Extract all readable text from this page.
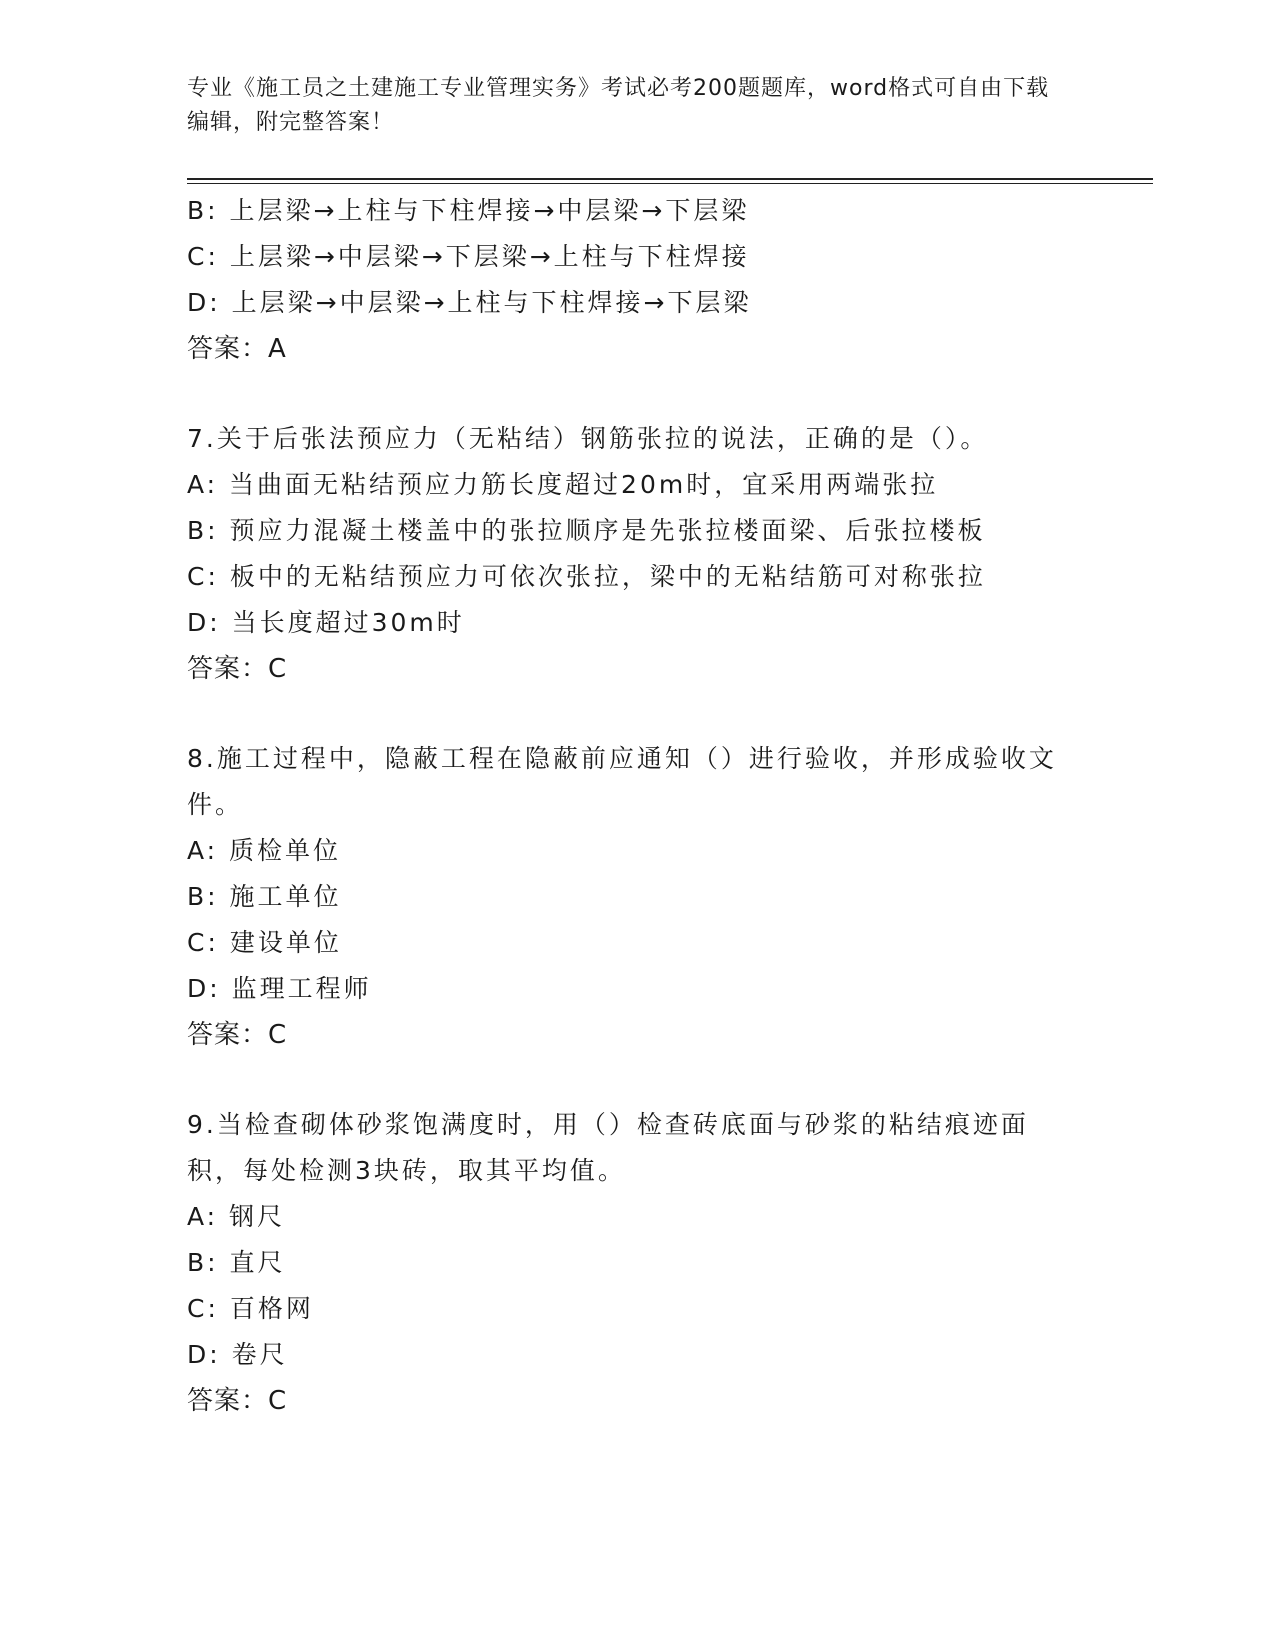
专业《施工员之土建施工专业管理实务》考试必考200题题库，word格式可自由下载编辑，附完整答案！
B: 上层梁→上柱与下柱焊接→中层梁→下层梁
C: 上层梁→中层梁→下层梁→上柱与下柱焊接
D: 上层梁→中层梁→上柱与下柱焊接→下层梁
答案：A
7.关于后张法预应力（无粘结）钢筋张拉的说法，正确的是（）。
A: 当曲面无粘结预应力筋长度超过20m时，宜采用两端张拉
B: 预应力混凝土楼盖中的张拉顺序是先张拉楼面梁、后张拉楼板
C: 板中的无粘结预应力可依次张拉，梁中的无粘结筋可对称张拉
D: 当长度超过30m时
答案：C
8.施工过程中，隐蔽工程在隐蔽前应通知（）进行验收，并形成验收文件。
A: 质检单位
B: 施工单位
C: 建设单位
D: 监理工程师
答案：C
9.当检查砌体砂浆饱满度时，用（）检查砖底面与砂浆的粘结痕迹面积，每处检测3块砖，取其平均值。
A: 钢尺
B: 直尺
C: 百格网
D: 卷尺
答案：C
